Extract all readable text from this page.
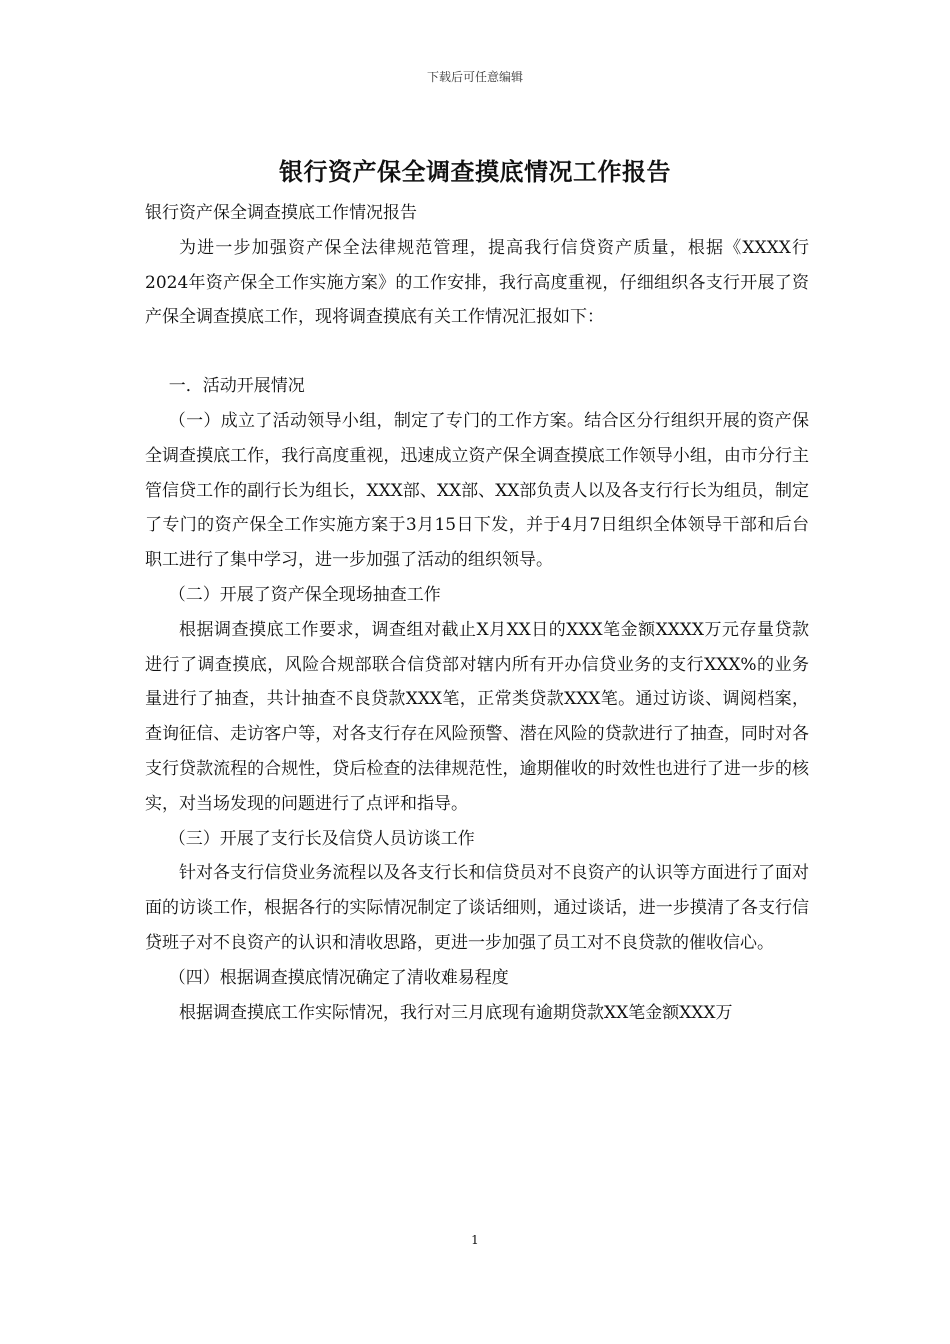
下载后可任意编辑
银行资产保全调查摸底情况工作报告

银行资产保全调查摸底工作情况报告

为进一步加强资产保全法律规范管理，提高我行信贷资产质量，根据《XXXX行2024年资产保全工作实施方案》的工作安排，我行高度重视，仔细组织各支行开展了资产保全调查摸底工作，现将调查摸底有关工作情况汇报如下：

一．活动开展情况

（一）成立了活动领导小组，制定了专门的工作方案。结合区分行组织开展的资产保全调查摸底工作，我行高度重视，迅速成立资产保全调查摸底工作领导小组，由市分行主管信贷工作的副行长为组长，XXX部、XX部、XX部负责人以及各支行行长为组员，制定了专门的资产保全工作实施方案于3月15日下发，并于4月7日组织全体领导干部和后台职工进行了集中学习，进一步加强了活动的组织领导。

（二）开展了资产保全现场抽查工作

根据调查摸底工作要求，调查组对截止X月XX日的XXX笔金额XXXX万元存量贷款进行了调查摸底，风险合规部联合信贷部对辖内所有开办信贷业务的支行XXX%的业务量进行了抽查，共计抽查不良贷款XXX笔，正常类贷款XXX笔。通过访谈、调阅档案，查询征信、走访客户等，对各支行存在风险预警、潜在风险的贷款进行了抽查，同时对各支行贷款流程的合规性，贷后检查的法律规范性，逾期催收的时效性也进行了进一步的核实，对当场发现的问题进行了点评和指导。

（三）开展了支行长及信贷人员访谈工作

针对各支行信贷业务流程以及各支行长和信贷员对不良资产的认识等方面进行了面对面的访谈工作，根据各行的实际情况制定了谈话细则，通过谈话，进一步摸清了各支行信贷班子对不良资产的认识和清收思路，更进一步加强了员工对不良贷款的催收信心。

（四）根据调查摸底情况确定了清收难易程度

根据调查摸底工作实际情况，我行对三月底现有逾期贷款XX笔金额XXX万

1
